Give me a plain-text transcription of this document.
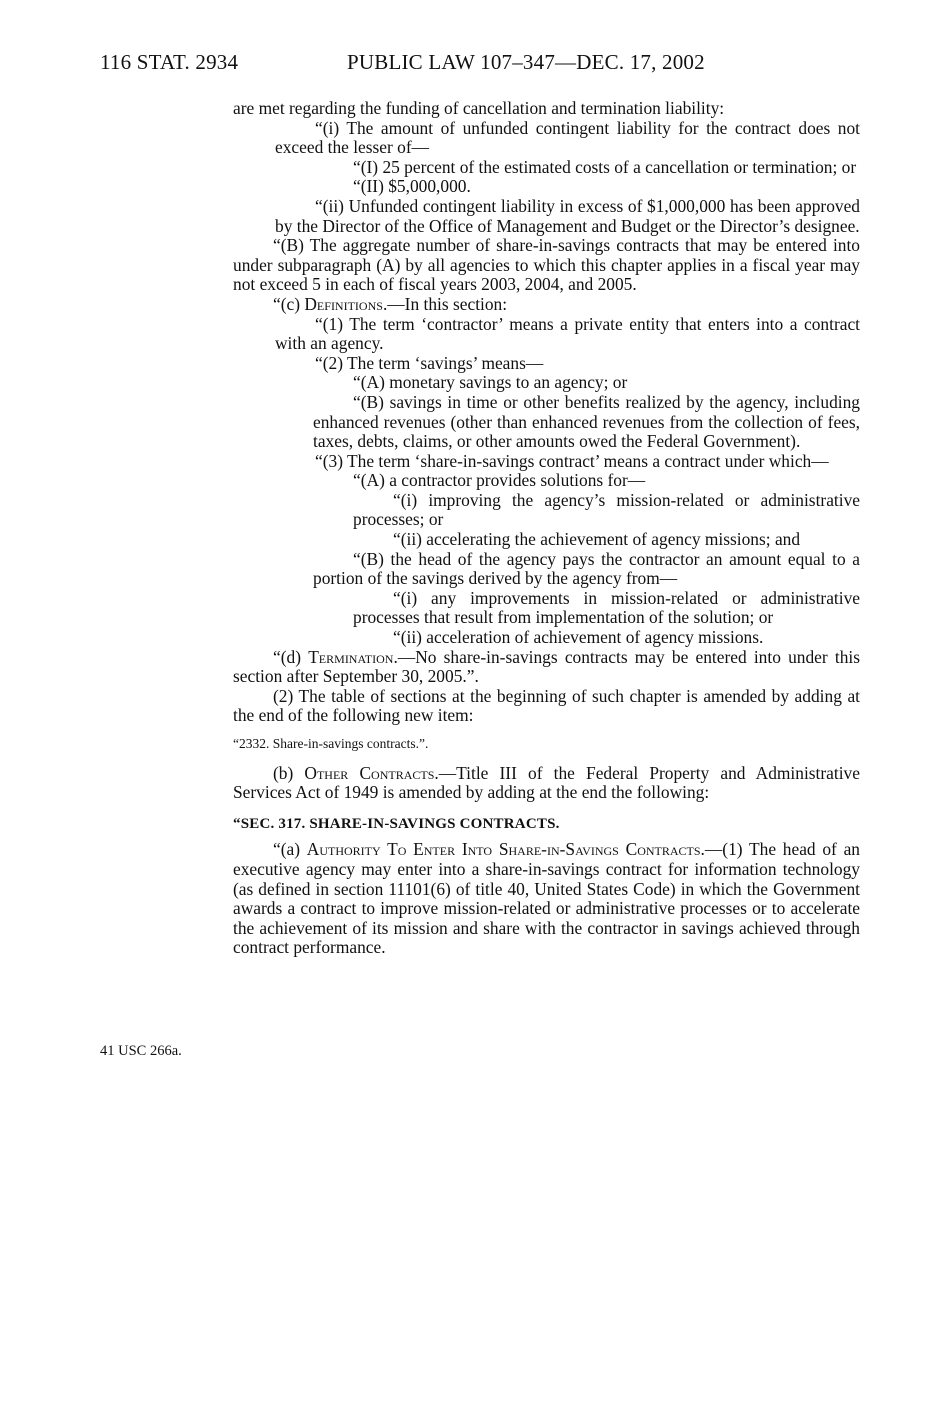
116 STAT. 2934	PUBLIC LAW 107–347—DEC. 17, 2002
41 USC 266a.

are met regarding the funding of cancellation and termination liability:

“(i) The amount of unfunded contingent liability for the contract does not exceed the lesser of—

“(I) 25 percent of the estimated costs of a cancellation or termination; or

“(II) $5,000,000.

“(ii) Unfunded contingent liability in excess of $1,000,000 has been approved by the Director of the Office of Management and Budget or the Director’s designee.

“(B) The aggregate number of share-in-savings contracts that may be entered into under subparagraph (A) by all agencies to which this chapter applies in a fiscal year may not exceed 5 in each of fiscal years 2003, 2004, and 2005.

“(c) Definitions.—In this section:

“(1) The term ‘contractor’ means a private entity that enters into a contract with an agency.

“(2) The term ‘savings’ means—

“(A) monetary savings to an agency; or

“(B) savings in time or other benefits realized by the agency, including enhanced revenues (other than enhanced revenues from the collection of fees, taxes, debts, claims, or other amounts owed the Federal Government).

“(3) The term ‘share-in-savings contract’ means a contract under which—

“(A) a contractor provides solutions for—

“(i) improving the agency’s mission-related or administrative processes; or

“(ii) accelerating the achievement of agency missions; and

“(B) the head of the agency pays the contractor an amount equal to a portion of the savings derived by the agency from—

“(i) any improvements in mission-related or administrative processes that result from implementation of the solution; or

“(ii) acceleration of achievement of agency missions.

“(d) Termination.—No share-in-savings contracts may be entered into under this section after September 30, 2005.”.

(2) The table of sections at the beginning of such chapter is amended by adding at the end of the following new item:

“2332. Share-in-savings contracts.”.

(b) Other Contracts.—Title III of the Federal Property and Administrative Services Act of 1949 is amended by adding at the end the following:

“SEC. 317. SHARE-IN-SAVINGS CONTRACTS.

“(a) Authority To Enter Into Share-in-Savings Contracts.—(1) The head of an executive agency may enter into a share-in-savings contract for information technology (as defined in section 11101(6) of title 40, United States Code) in which the Government awards a contract to improve mission-related or administrative processes or to accelerate the achievement of its mission and share with the contractor in savings achieved through contract performance.
